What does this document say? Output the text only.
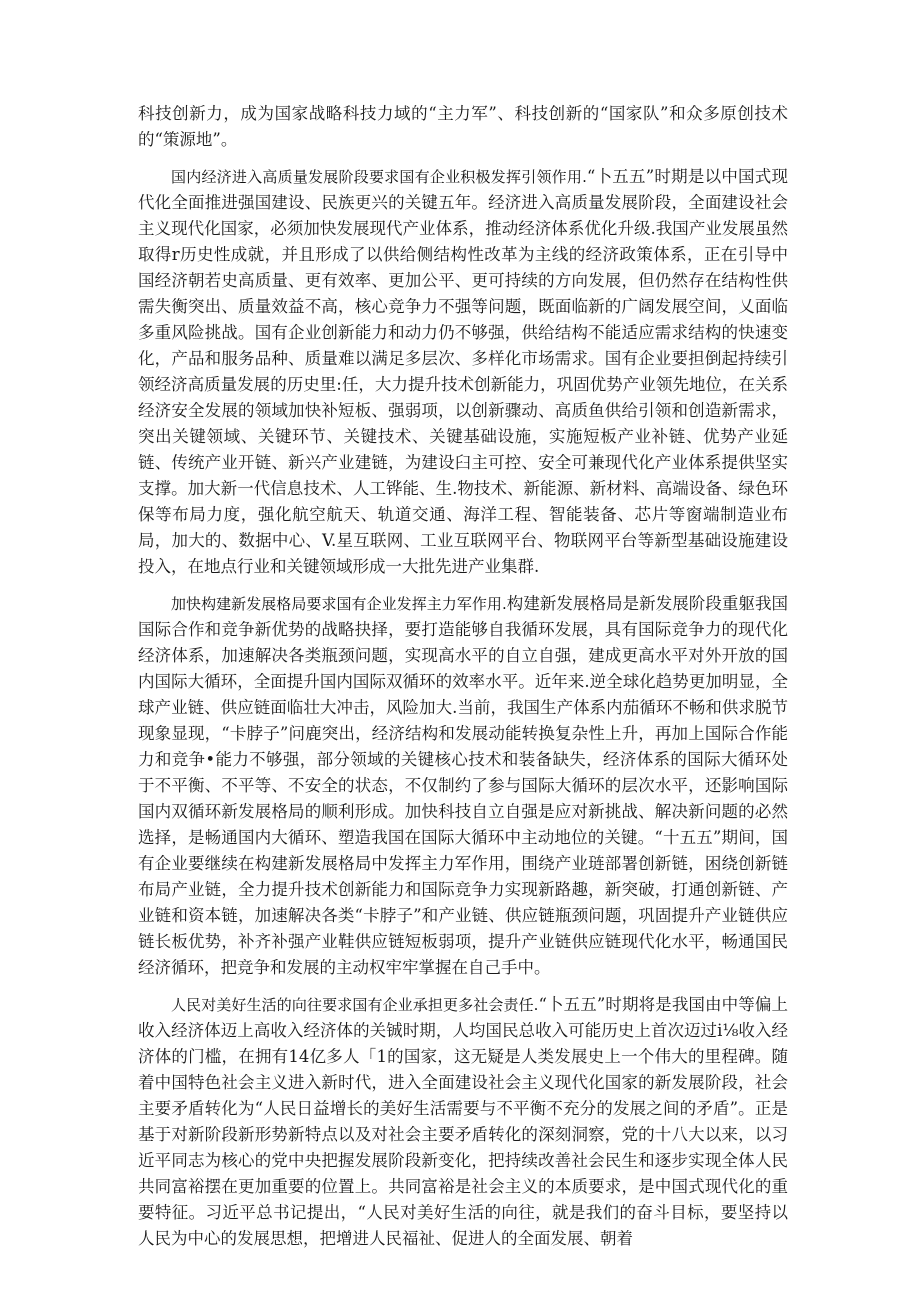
科技创新力，成为国家战略科技力域的“主力军”、科技创新的“国家队”和众多原创技术的“策源地”。

国内经济进入高质量发展阶段要求国有企业积极发挥引领作用.“卜五五”时期是以中国式现代化全面推进强国建设、民族更兴的关键五年。经济进入高质量发展阶段，全面建设社会主义现代化国家，必须加快发展现代产业体系，推动经济体系优化升级.我国产业发展虽然取得r历史性成就，并且形成了以供给侧结构性改革为主线的经济政策体系，正在引导中国经济朝若史高质量、更有效率、更加公平、更可持续的方向发展，但仍然存在结构性供需失衡突出、质量效益不高，核心竞争力不强等问题，既面临新的广阔发展空间，乂面临多重风险挑战。国有企业创新能力和动力仍不够强，供给结构不能适应需求结构的快速变化，产品和服务品种、质量难以满足多层次、多样化市场需求。国有企业要担倒起持续引领经济高质量发展的历史里:任，大力提升技术创新能力，巩固优势产业领先地位，在关系经济安全发展的领域加快补短板、强弱项，以创新骤动、高质鱼供给引领和创造新需求，突出关键领域、关键环节、关键技术、关键基础设施，实施短板产业补链、优势产业延链、传统产业开链、新兴产业建链，为建设臼主可控、安全可兼现代化产业体系提供坚实支撑。加大新一代信息技术、人工铧能、生.物技术、新能源、新材料、高端设备、绿色环保等布局力度，强化航空航天、轨道交通、海洋工程、智能装备、芯片等窗端制造业布局，加大的、数据中心、V.星互联网、工业互联网平台、物联网平台等新型基础设施建设投入，在地点行业和关键领域形成一大批先进产业集群.

加快构建新发展格局要求国有企业发挥主力军作用.构建新发展格局是新发展阶段重躯我国国际合作和竞争新优势的战略抉择，要打造能够自我循环发展，具有国际竞争力的现代化经济体系，加速解决各类瓶颈问题，实现高水平的自立自强，建成更高水平对外开放的国内国际大循环，全面提升国内国际双循环的效率水平。近年来.逆全球化趋势更加明显，全球产业链、供应链面临壮大冲击，风险加大.当前，我国生产体系内茄循环不畅和供求脱节现象显现，“卡脖子”问鹿突出，经济结构和发展动能转换复杂性上升，再加上国际合作能力和竞争•能力不够强，部分领域的关键核心技术和装备缺失，经济体系的国际大循环处于不平衡、不平等、不安全的状态，不仅制约了参与国际大循环的层次水平，还影响国际国内双循环新发展格局的顺利形成。加快科技自立自强是应对新挑战、解决新问题的必然选择，是畅通国内大循环、塑造我国在国际大循环中主动地位的关键。“十五五”期间，国有企业要继续在构建新发展格局中发挥主力军作用，围绕产业琏部署创新链，困绕创新链布局产业链，全力提升技术创新能力和国际竞争力实现新路趣，新突破，打通创新链、产业链和资本链，加速解决各类“卡脖子”和产业链、供应链瓶颈问题，巩固提升产业链供应链长板优势，补齐补强产业鞋供应链短板弱项，提升产业链供应链现代化水平，畅通国民经济循环，把竞争和发展的主动权牢牢掌握在自己手中。

人民对美好生活的向往要求国有企业承担更多社会责任.“卜五五”时期将是我国由中等偏上收入经济体迈上高收入经济体的关铖时期，人均国民总收入可能历史上首次迈过i⅛收入经济体的门槛，在拥有14亿多人「1的国家，这无疑是人类发展史上一个伟大的里程碑。随着中国特色社会主义进入新时代，进入全面建设社会主义现代化国家的新发展阶段，社会主要矛盾转化为“人民日益增长的美好生活需要与不平衡不充分的发展之间的矛盾”。正是基于对新阶段新形势新特点以及对社会主要矛盾转化的深刻洞察，党的十八大以来，以习近平同志为核心的党中央把握发展阶段新变化，把持续改善社会民生和逐步实现全体人民共同富裕摆在更加重要的位置上。共同富裕是社会主义的本质要求，是中国式现代化的重要特征。习近平总书记提出，“人民对美好生活的向往，就是我们的奋斗目标，要坚持以人民为中心的发展思想，把增进人民福祉、促进人的全面发展、朝着
